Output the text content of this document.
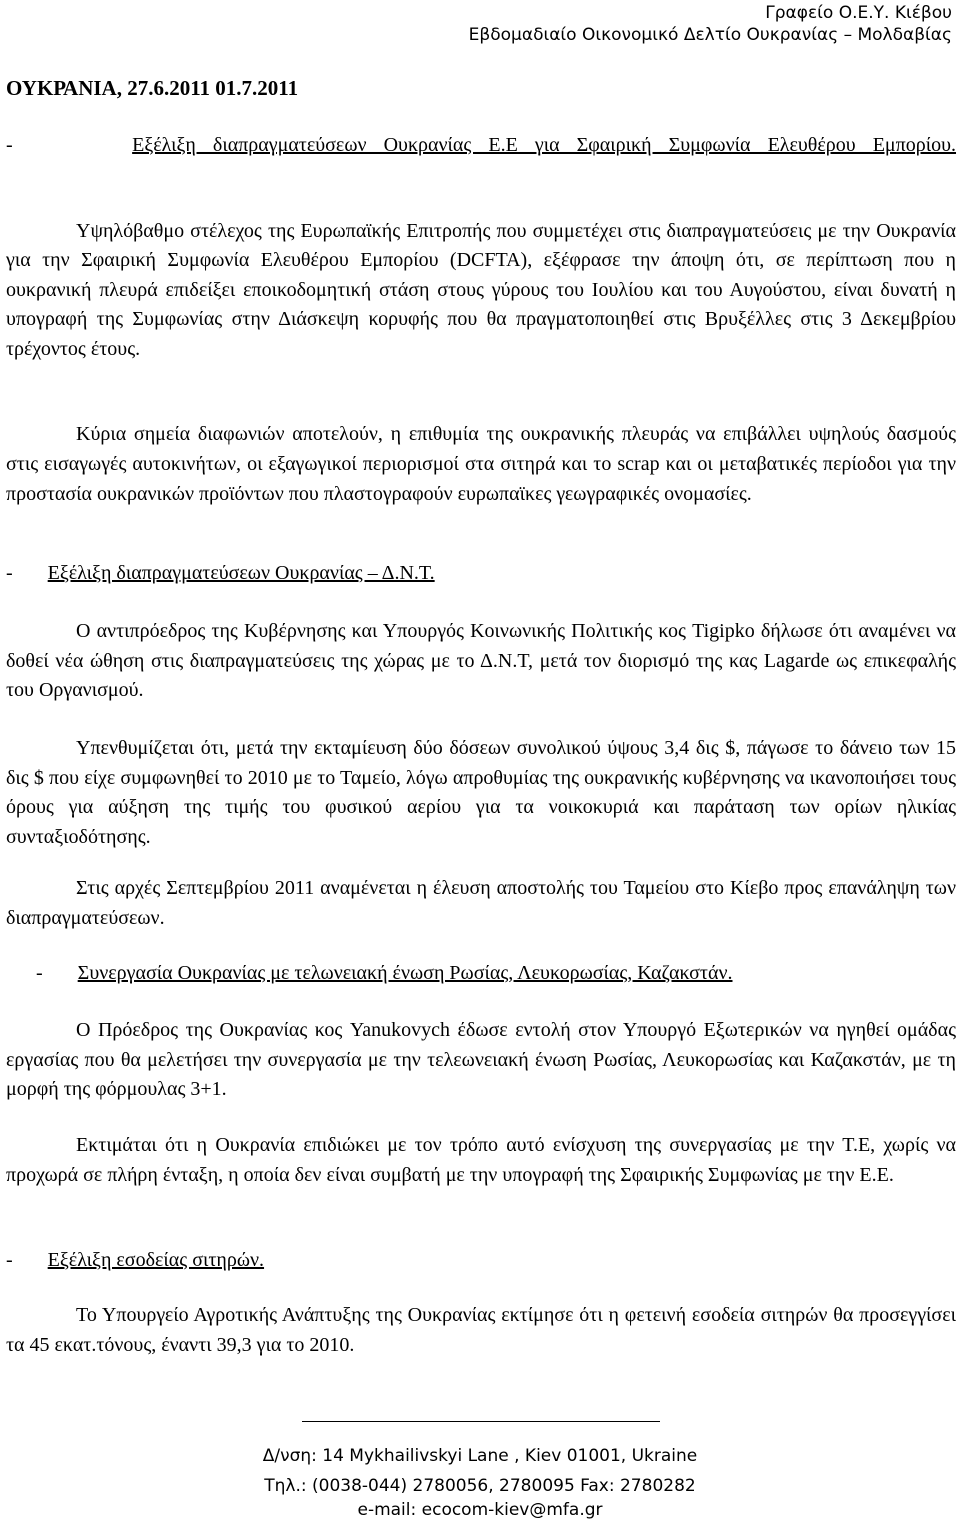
Γραφείο Ο.Ε.Υ. Κιέβου
Εβδομαδιαίο Οικονομικό Δελτίο Ουκρανίας – Μολδαβίας
ΟΥΚΡΑΝΙΑ, 27.6.2011 01.7.2011
-	Εξέλιξη διαπραγματεύσεων Ουκρανίας Ε.Ε για Σφαιρική Συμφωνία Ελευθέρου Εμπορίου.

Υψηλόβαθμο στέλεχος της Ευρωπαϊκής Επιτροπής που συμμετέχει στις διαπραγματεύσεις με την Ουκρανία για την Σφαιρική Συμφωνία Ελευθέρου Εμπορίου (DCFTA), εξέφρασε την άποψη ότι, σε περίπτωση που η ουκρανική πλευρά επιδείξει εποικοδομητική στάση στους γύρους του Ιουλίου και του Αυγούστου, είναι δυνατή η υπογραφή της Συμφωνίας στην Διάσκεψη κορυφής που θα πραγματοποιηθεί στις Βρυξέλλες στις 3 Δεκεμβρίου τρέχοντος έτους.

Κύρια σημεία διαφωνιών αποτελούν, η επιθυμία της ουκρανικής πλευράς να επιβάλλει υψηλούς δασμούς στις εισαγωγές αυτοκινήτων, οι εξαγωγικοί περιορισμοί στα σιτηρά και το scrap και οι μεταβατικές περίοδοι για την προστασία ουκρανικών προϊόντων που πλαστογραφούν ευρωπαϊκες γεωγραφικές ονομασίες.

- Εξέλιξη διαπραγματεύσεων Ουκρανίας – Δ.Ν.Τ.

Ο αντιπρόεδρος της Κυβέρνησης και Υπουργός Κοινωνικής Πολιτικής κος Tigipko δήλωσε ότι αναμένει να δοθεί νέα ώθηση στις διαπραγματεύσεις της χώρας με το Δ.Ν.Τ, μετά τον διορισμό της κας Lagarde ως επικεφαλής του Οργανισμού.

Υπενθυμίζεται ότι, μετά την εκταμίευση δύο δόσεων συνολικού ύψους 3,4 δις $, πάγωσε το δάνειο των 15 δις $ που είχε συμφωνηθεί το 2010 με το Ταμείο, λόγω απροθυμίας της ουκρανικής κυβέρνησης να ικανοποιήσει τους όρους για αύξηση της τιμής του φυσικού αερίου για τα νοικοκυριά και παράταση των ορίων ηλικίας συνταξιοδότησης.

Στις αρχές Σεπτεμβρίου 2011 αναμένεται η έλευση αποστολής του Ταμείου στο Κίεβο προς επανάληψη των διαπραγματεύσεων.

- Συνεργασία Ουκρανίας με τελωνειακή ένωση Ρωσίας, Λευκορωσίας, Καζακστάν.

Ο Πρόεδρος της Ουκρανίας κος Yanukovych έδωσε εντολή στον Υπουργό Εξωτερικών να ηγηθεί ομάδας εργασίας που θα μελετήσει την συνεργασία με την τελεωνειακή ένωση Ρωσίας, Λευκορωσίας και Καζακστάν, με τη μορφή της φόρμουλας 3+1.

Εκτιμάται ότι η Ουκρανία επιδιώκει με τον τρόπο αυτό ενίσχυση της συνεργασίας με την Τ.Ε, χωρίς να προχωρά σε πλήρη ένταξη, η οποία δεν είναι συμβατή με την υπογραφή της Σφαιρικής Συμφωνίας με την Ε.Ε.

- Εξέλιξη εσοδείας σιτηρών.

Το Υπουργείο Αγροτικής Ανάπτυξης της Ουκρανίας εκτίμησε ότι η φετεινή εσοδεία σιτηρών θα προσεγγίσει τα 45 εκατ.τόνους, έναντι 39,3 για το 2010.

Δ/νση: 14 Mykhailivskyi Lane , Kiev 01001, Ukraine
Τηλ.: (0038-044) 2780056, 2780095 Fax: 2780282
e-mail: ecocom-kiev@mfa.gr
